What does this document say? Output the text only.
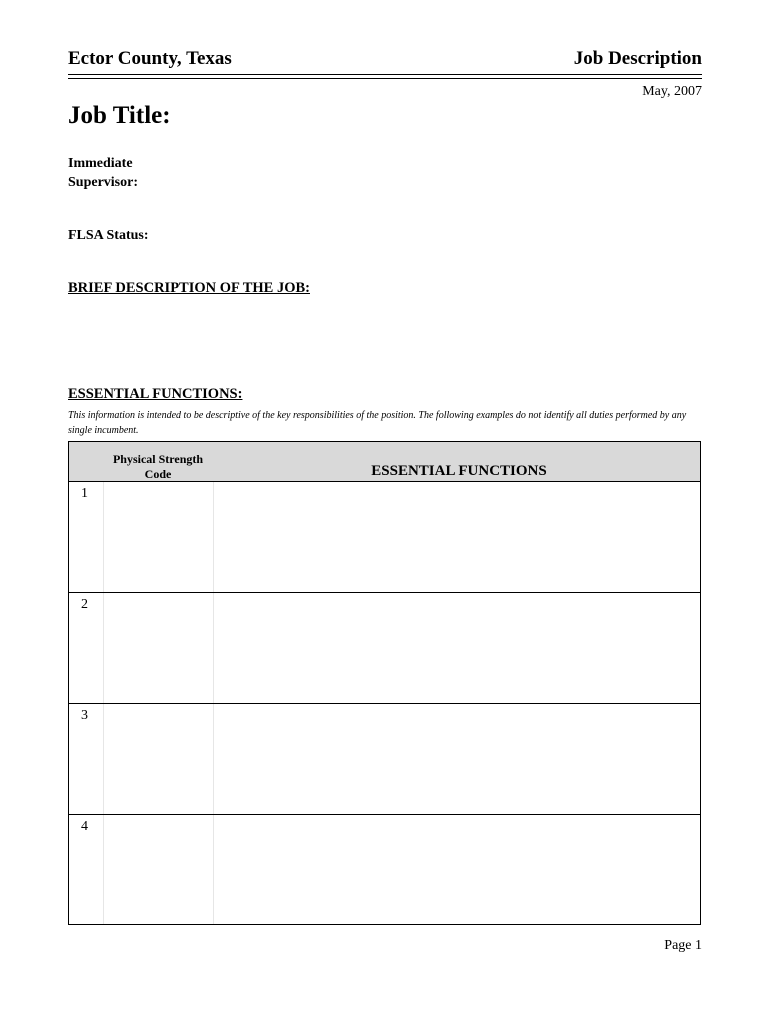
Ector County, Texas	Job Description
May, 2007
Job Title:
Immediate
Supervisor:
FLSA Status:
BRIEF DESCRIPTION OF THE JOB:
ESSENTIAL FUNCTIONS:
This information is intended to be descriptive of the key responsibilities of the position. The following examples do not identify all duties performed by any single incumbent.
Physical Strength
Code	ESSENTIAL FUNCTIONS
1
2
3
4
Page 1
